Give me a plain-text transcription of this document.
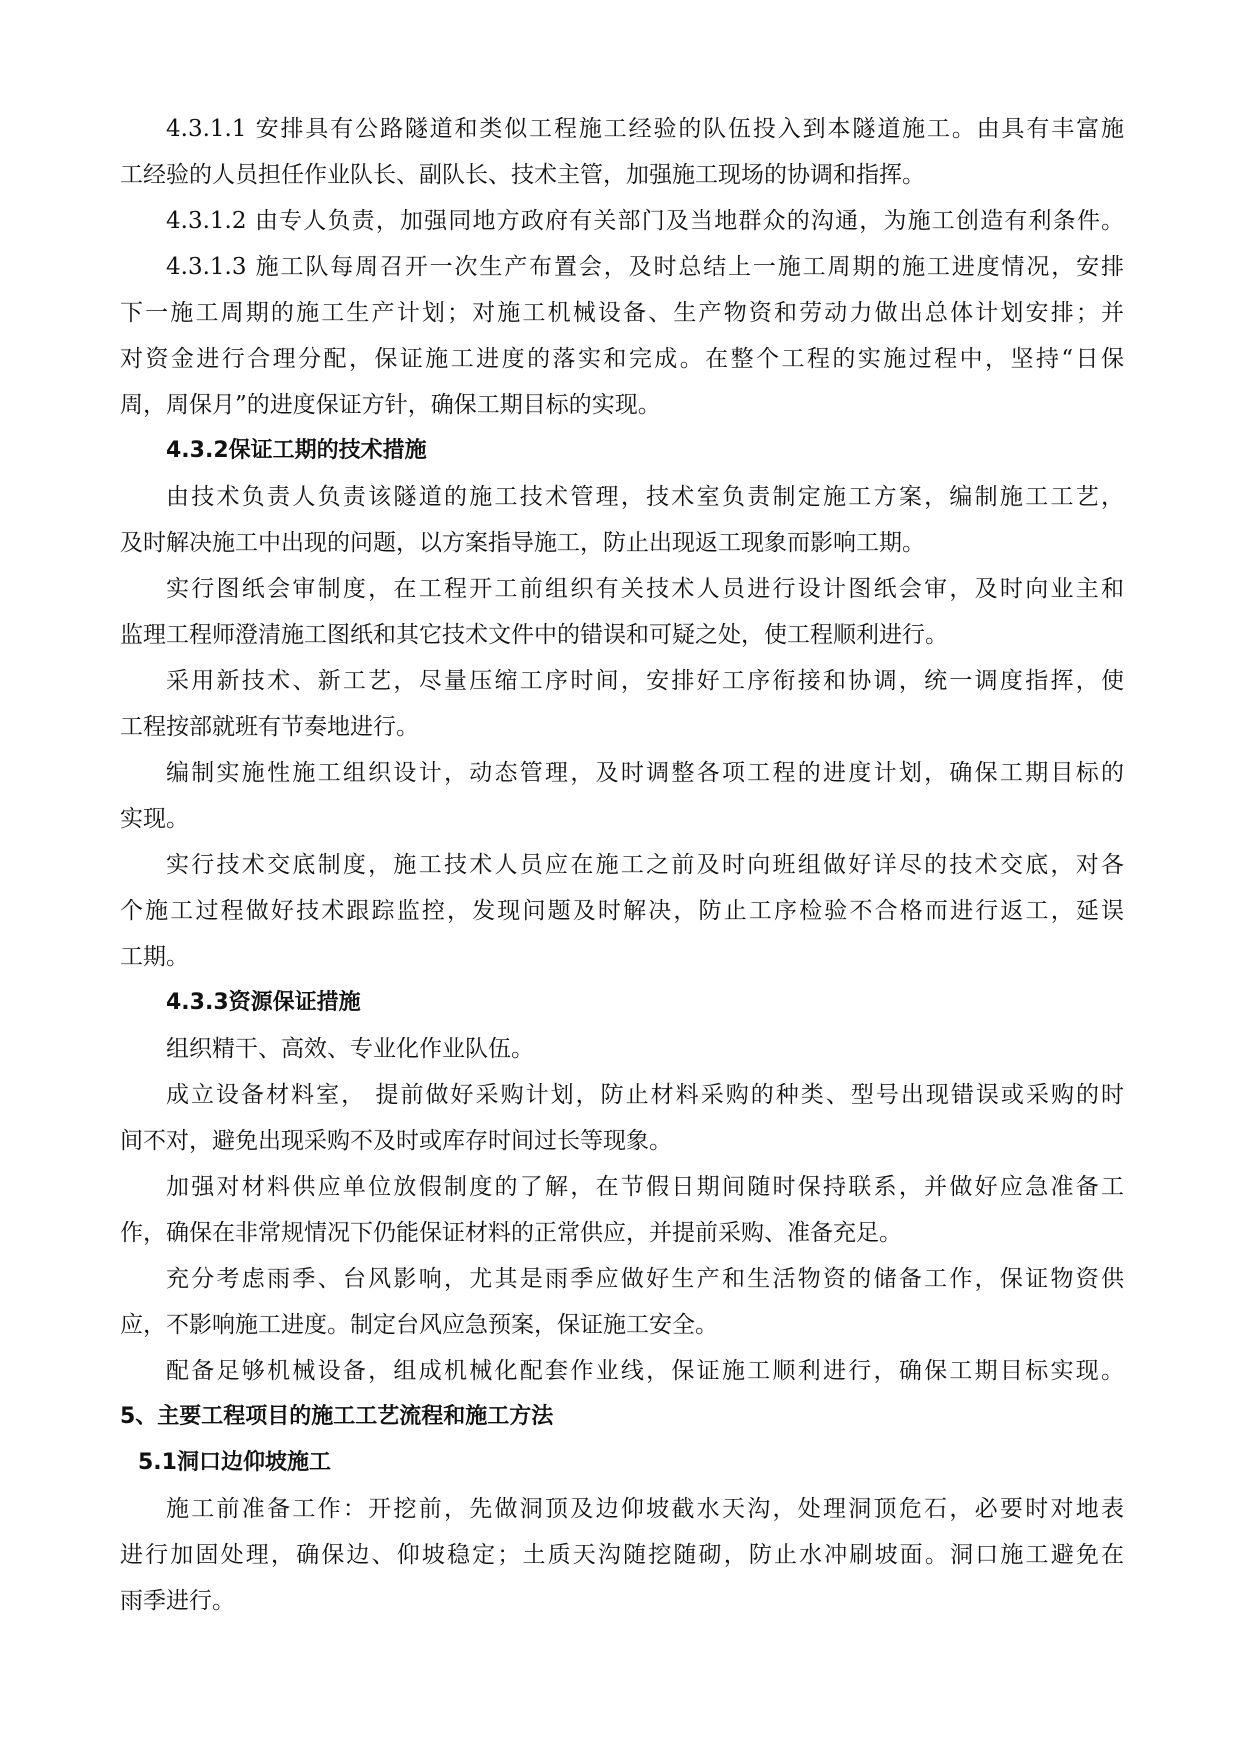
4.3.1.1 安排具有公路隧道和类似工程施工经验的队伍投入到本隧道施工。由具有丰富施

工经验的人员担任作业队长、副队长、技术主管，加强施工现场的协调和指挥。

4.3.1.2 由专人负责，加强同地方政府有关部门及当地群众的沟通，为施工创造有利条件。

4.3.1.3 施工队每周召开一次生产布置会，及时总结上一施工周期的施工进度情况，安排

下一施工周期的施工生产计划；对施工机械设备、生产物资和劳动力做出总体计划安排；并

对资金进行合理分配，保证施工进度的落实和完成。在整个工程的实施过程中，坚持“日保

周，周保月”的进度保证方针，确保工期目标的实现。

4.3.2保证工期的技术措施

由技术负责人负责该隧道的施工技术管理，技术室负责制定施工方案，编制施工工艺，

及时解决施工中出现的问题，以方案指导施工，防止出现返工现象而影响工期。

实行图纸会审制度，在工程开工前组织有关技术人员进行设计图纸会审，及时向业主和

监理工程师澄清施工图纸和其它技术文件中的错误和可疑之处，使工程顺利进行。

采用新技术、新工艺，尽量压缩工序时间，安排好工序衔接和协调，统一调度指挥，使

工程按部就班有节奏地进行。

编制实施性施工组织设计，动态管理，及时调整各项工程的进度计划，确保工期目标的

实现。

实行技术交底制度，施工技术人员应在施工之前及时向班组做好详尽的技术交底，对各

个施工过程做好技术跟踪监控，发现问题及时解决，防止工序检验不合格而进行返工，延误

工期。

4.3.3资源保证措施

组织精干、高效、专业化作业队伍。

成立设备材料室， 提前做好采购计划，防止材料采购的种类、型号出现错误或采购的时

间不对，避免出现采购不及时或库存时间过长等现象。

加强对材料供应单位放假制度的了解，在节假日期间随时保持联系，并做好应急准备工

作，确保在非常规情况下仍能保证材料的正常供应，并提前采购、准备充足。

充分考虑雨季、台风影响，尤其是雨季应做好生产和生活物资的储备工作，保证物资供

应，不影响施工进度。制定台风应急预案，保证施工安全。

配备足够机械设备，组成机械化配套作业线，保证施工顺利进行，确保工期目标实现。

5、主要工程项目的施工工艺流程和施工方法
5.1洞口边仰坡施工

施工前准备工作：开挖前，先做洞顶及边仰坡截水天沟，处理洞顶危石，必要时对地表

进行加固处理，确保边、仰坡稳定；土质天沟随挖随砌，防止水冲刷坡面。洞口施工避免在

雨季进行。
